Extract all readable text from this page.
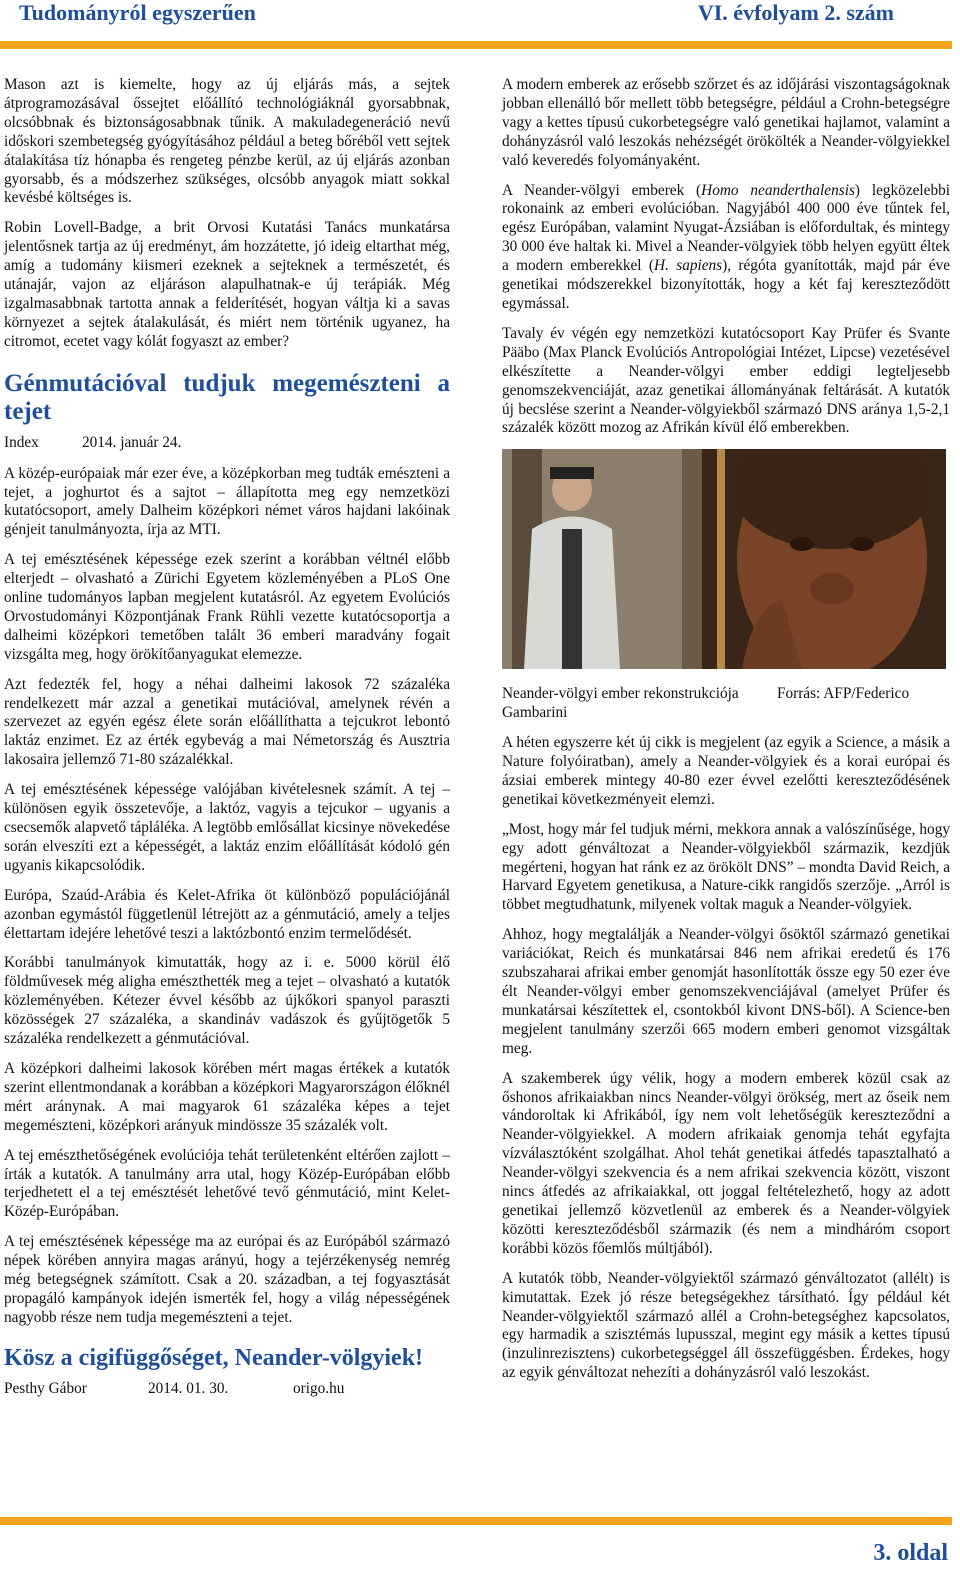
Tudományról egyszerűen	VI. évfolyam 2. szám

Mason azt is kiemelte, hogy az új eljárás más, a sejtek átprogramozásával őssejtet előállító technológiáknál gyorsabbnak, olcsóbbnak és biztonságosabbnak tűnik. A makuladegeneráció nevű időskori szembetegség gyógyításához például a beteg bőréből vett sejtek átalakítása tíz hónapba és rengeteg pénzbe kerül, az új eljárás azonban gyorsabb, és a módszerhez szükséges, olcsóbb anyagok miatt sokkal kevésbé költséges is.

Robin Lovell-Badge, a brit Orvosi Kutatási Tanács munkatársa jelentősnek tartja az új eredményt, ám hozzátette, jó ideig eltarthat még, amíg a tudomány kiismeri ezeknek a sejteknek a természetét, és utánajár, vajon az eljáráson alapulhatnak-e új terápiák. Még izgalmasabbnak tartotta annak a felderítését, hogyan váltja ki a savas környezet a sejtek átalakulását, és miért nem történik ugyanez, ha citromot, ecetet vagy kólát fogyaszt az ember?

Génmutációval tudjuk megemészteni a tejet
Index	2014. január 24.

A közép-európaiak már ezer éve, a középkorban meg tudták emészteni a tejet, a joghurtot és a sajtot – állapította meg egy nemzetközi kutatócsoport, amely Dalheim középkori német város hajdani lakóinak génjeit tanulmányozta, írja az MTI.

A tej emésztésének képessége ezek szerint a korábban véltnél előbb elterjedt – olvasható a Zürichi Egyetem közleményében a PLoS One online tudományos lapban megjelent kutatásról. Az egyetem Evolúciós Orvostudományi Központjának Frank Rühli vezette kutatócsoportja a dalheimi középkori temetőben talált 36 emberi maradvány fogait vizsgálta meg, hogy örökítőanyagukat elemezze.

Azt fedezték fel, hogy a néhai dalheimi lakosok 72 százaléka rendelkezett már azzal a genetikai mutációval, amelynek révén a szervezet az egyén egész élete során előállíthatta a tejcukrot lebontó laktáz enzimet. Ez az érték egybevág a mai Németország és Ausztria lakosaira jellemző 71-80 százalékkal.

A tej emésztésének képessége valójában kivételesnek számít. A tej – különösen egyik összetevője, a laktóz, vagyis a tejcukor – ugyanis a csecsemők alapvető tápláléka. A legtöbb emlősállat kicsinye növekedése során elveszíti ezt a képességét, a laktáz enzim előállítását kódoló gén ugyanis kikapcsolódik.

Európa, Szaúd-Arábia és Kelet-Afrika öt különböző populációjánál azonban egymástól függetlenül létrejött az a génmutáció, amely a teljes élettartam idejére lehetővé teszi a laktózbontó enzim termelődését.

Korábbi tanulmányok kimutatták, hogy az i. e. 5000 körül élő földművesek még aligha emészthették meg a tejet – olvasható a kutatók közleményében. Kétezer évvel később az újkőkori spanyol paraszti közösségek 27 százaléka, a skandináv vadászok és gyűjtögetők 5 százaléka rendelkezett a génmutációval.

A középkori dalheimi lakosok körében mért magas értékek a kutatók szerint ellentmondanak a korábban a középkori Magyarországon élőknél mért aránynak. A mai magyarok 61 százaléka képes a tejet megemészteni, középkori arányuk mindössze 35 százalék volt.

A tej emészthetőségének evolúciója tehát területenként eltérően zajlott – írták a kutatók. A tanulmány arra utal, hogy Közép-Európában előbb terjedhetett el a tej emésztését lehetővé tevő génmutáció, mint Kelet-Közép-Európában.

A tej emésztésének képessége ma az európai és az Európából származó népek körében annyira magas arányú, hogy a tejérzékenység nemrég még betegségnek számított. Csak a 20. században, a tej fogyasztását propagáló kampányok idején ismerték fel, hogy a világ népességének nagyobb része nem tudja megemészteni a tejet.

Kösz a cigifüggőséget, Neander-völgyiek!
Pesthy Gábor	2014. 01. 30.	origo.hu

A modern emberek az erősebb szőrzet és az időjárási viszontagságoknak jobban ellenálló bőr mellett több betegségre, például a Crohn-betegségre vagy a kettes típusú cukorbetegségre való genetikai hajlamot, valamint a dohányzásról való leszokás nehézségét örökölték a Neander-völgyiekkel való keveredés folyományaként.

A Neander-völgyi emberek (Homo neanderthalensis) legközelebbi rokonaink az emberi evolúcióban. Nagyjából 400 000 éve tűntek fel, egész Európában, valamint Nyugat-Ázsiában is előfordultak, és mintegy 30 000 éve haltak ki. Mivel a Neander-völgyiek több helyen együtt éltek a modern emberekkel (H. sapiens), régóta gyanították, majd pár éve genetikai módszerekkel bizonyították, hogy a két faj kereszteződött egymással.

Tavaly év végén egy nemzetközi kutatócsoport Kay Prüfer és Svante Pääbo (Max Planck Evolúciós Antropológiai Intézet, Lipcse) vezetésével elkészítette a Neander-völgyi ember eddigi legteljesebb genomszekvenciáját, azaz genetikai állományának feltárását. A kutatók új becslése szerint a Neander-völgyiekből származó DNS aránya 1,5-2,1 százalék között mozog az Afrikán kívül élő emberekben.

Neander-völgyi ember rekonstrukciója          Forrás: AFP/Federico Gambarini

A héten egyszerre két új cikk is megjelent (az egyik a Science, a másik a Nature folyóiratban), amely a Neander-völgyiek és a korai európai és ázsiai emberek mintegy 40-80 ezer évvel ezelőtti kereszteződésének genetikai következményeit elemzi.

„Most, hogy már fel tudjuk mérni, mekkora annak a valószínűsége, hogy egy adott génváltozat a Neander-völgyiekből származik, kezdjük megérteni, hogyan hat ránk ez az örökölt DNS” – mondta David Reich, a Harvard Egyetem genetikusa, a Nature-cikk rangidős szerzője. „Arról is többet megtudhatunk, milyenek voltak maguk a Neander-völgyiek.

Ahhoz, hogy megtalálják a Neander-völgyi ősöktől származó genetikai variációkat, Reich és munkatársai 846 nem afrikai eredetű és 176 szubszaharai afrikai ember genomját hasonlították össze egy 50 ezer éve élt Neander-völgyi ember genomszekvenciájával (amelyet Prüfer és munkatársai készítettek el, csontokból kivont DNS-ből). A Science-ben megjelent tanulmány szerzői 665 modern emberi genomot vizsgáltak meg.

A szakemberek úgy vélik, hogy a modern emberek közül csak az őshonos afrikaiakban nincs Neander-völgyi örökség, mert az őseik nem vándoroltak ki Afrikából, így nem volt lehetőségük kereszteződni a Neander-völgyiekkel. A modern afrikaiak genomja tehát egyfajta vízválasztóként szolgálhat. Ahol tehát genetikai átfedés tapasztalható a Neander-völgyi szekvencia és a nem afrikai szekvencia között, viszont nincs átfedés az afrikaiakkal, ott joggal feltételezhető, hogy az adott genetikai jellemző közvetlenül az emberek és a Neander-völgyiek közötti kereszteződésből származik (és nem a mindháróm csoport korábbi közös főemlős múltjából).

A kutatók több, Neander-völgyiektől származó génváltozatot (allélt) is kimutattak. Ezek jó része betegségekhez társítható. Így például két Neander-völgyiektől származó allél a Crohn-betegséghez kapcsolatos, egy harmadik a szisztémás lupusszal, megint egy másik a kettes típusú (inzulinrezisztens) cukorbetegséggel áll összefüggésben. Érdekes, hogy az egyik génváltozat nehezíti a dohányzásról való leszokást.

3. oldal
